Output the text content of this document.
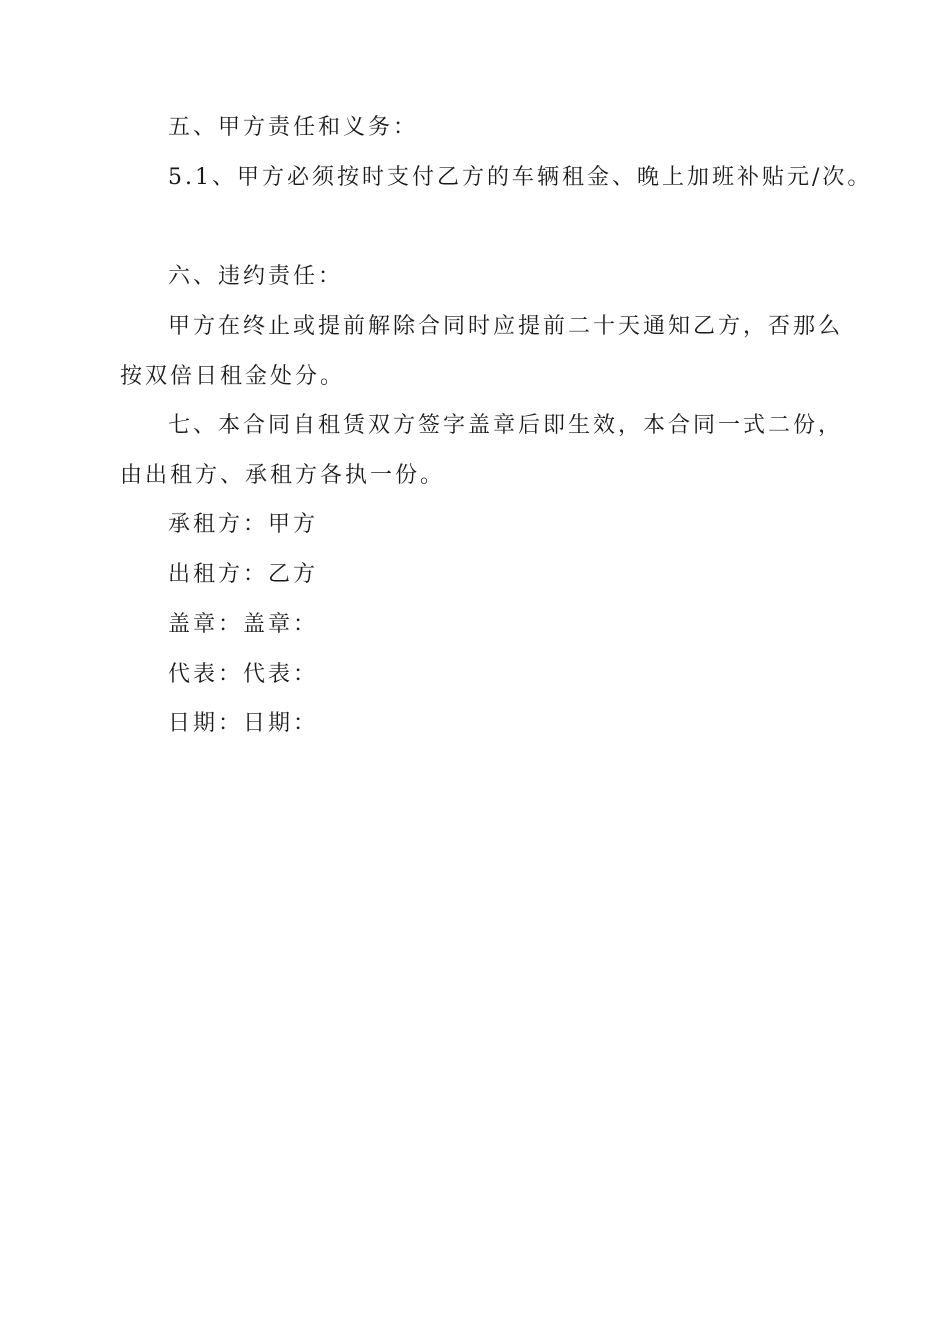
五、甲方责任和义务：

5.1、甲方必须按时支付乙方的车辆租金、晚上加班补贴元/次。

六、违约责任：

甲方在终止或提前解除合同时应提前二十天通知乙方，否那么

按双倍日租金处分。

七、本合同自租赁双方签字盖章后即生效，本合同一式二份，

由出租方、承租方各执一份。

承租方：甲方

出租方：乙方

盖章：盖章：

代表：代表：

日期：日期：
